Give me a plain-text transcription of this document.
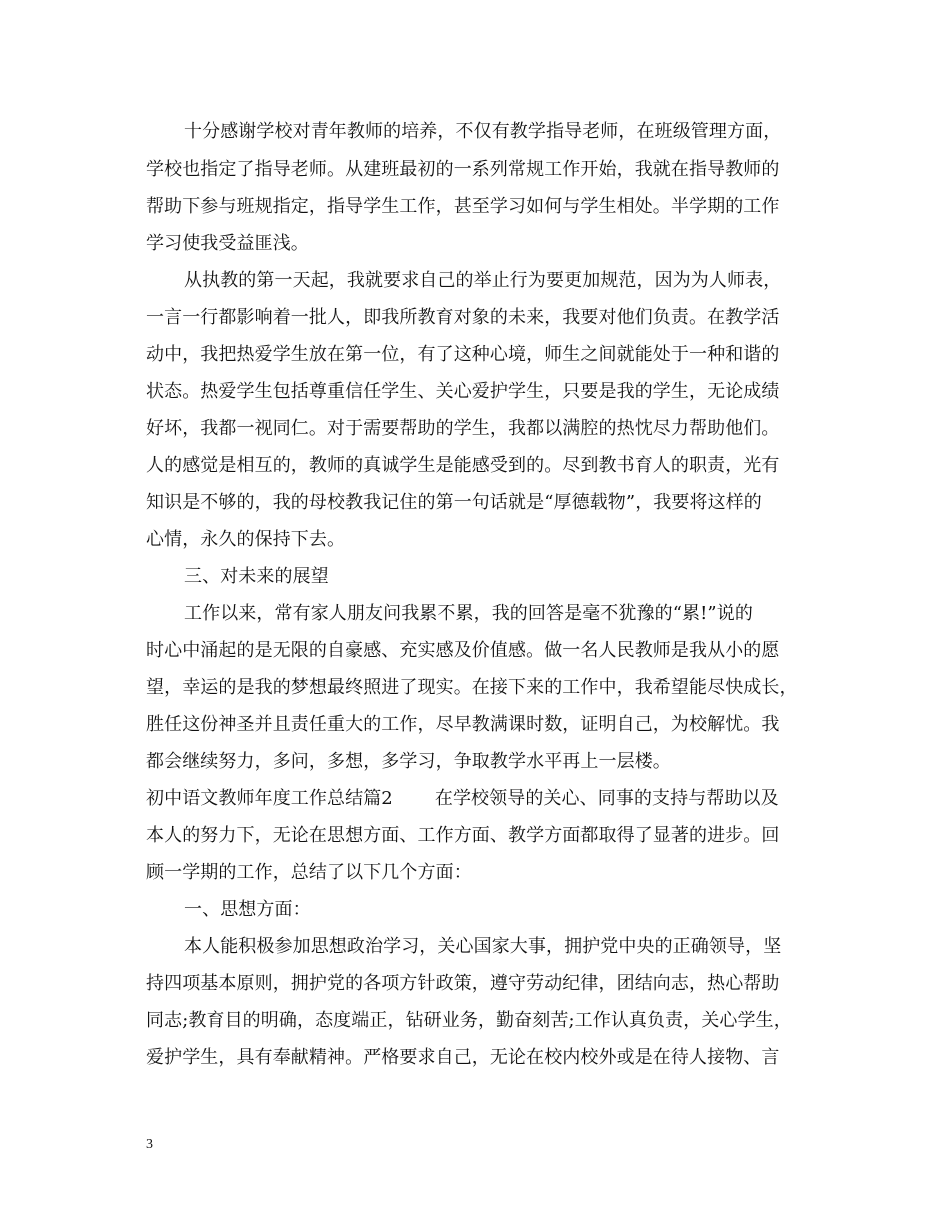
十分感谢学校对青年教师的培养，不仅有教学指导老师，在班级管理方面，
学校也指定了指导老师。从建班最初的一系列常规工作开始，我就在指导教师的
帮助下参与班规指定，指导学生工作，甚至学习如何与学生相处。半学期的工作
学习使我受益匪浅。
从执教的第一天起，我就要求自己的举止行为要更加规范，因为为人师表，
一言一行都影响着一批人，即我所教育对象的未来，我要对他们负责。在教学活
动中，我把热爱学生放在第一位，有了这种心境，师生之间就能处于一种和谐的
状态。热爱学生包括尊重信任学生、关心爱护学生，只要是我的学生，无论成绩
好坏，我都一视同仁。对于需要帮助的学生，我都以满腔的热忱尽力帮助他们。
人的感觉是相互的，教师的真诚学生是能感受到的。尽到教书育人的职责，光有
知识是不够的，我的母校教我记住的第一句话就是“厚德载物”，我要将这样的
心情，永久的保持下去。
三、对未来的展望
工作以来，常有家人朋友问我累不累，我的回答是毫不犹豫的“累!”说的
时心中涌起的是无限的自豪感、充实感及价值感。做一名人民教师是我从小的愿
望，幸运的是我的梦想最终照进了现实。在接下来的工作中，我希望能尽快成长，
胜任这份神圣并且责任重大的工作，尽早教满课时数，证明自己，为校解忧。我
都会继续努力，多问，多想，多学习，争取教学水平再上一层楼。
初中语文教师年度工作总结篇2 在学校领导的关心、同事的支持与帮助以及
本人的努力下，无论在思想方面、工作方面、教学方面都取得了显著的进步。回
顾一学期的工作，总结了以下几个方面：
一、思想方面：
本人能积极参加思想政治学习，关心国家大事，拥护党中央的正确领导，坚
持四项基本原则，拥护党的各项方针政策，遵守劳动纪律，团结向志，热心帮助
同志;教育目的明确，态度端正，钻研业务，勤奋刻苦;工作认真负责，关心学生，
爱护学生，具有奉献精神。严格要求自己，无论在校内校外或是在待人接物、言
3
